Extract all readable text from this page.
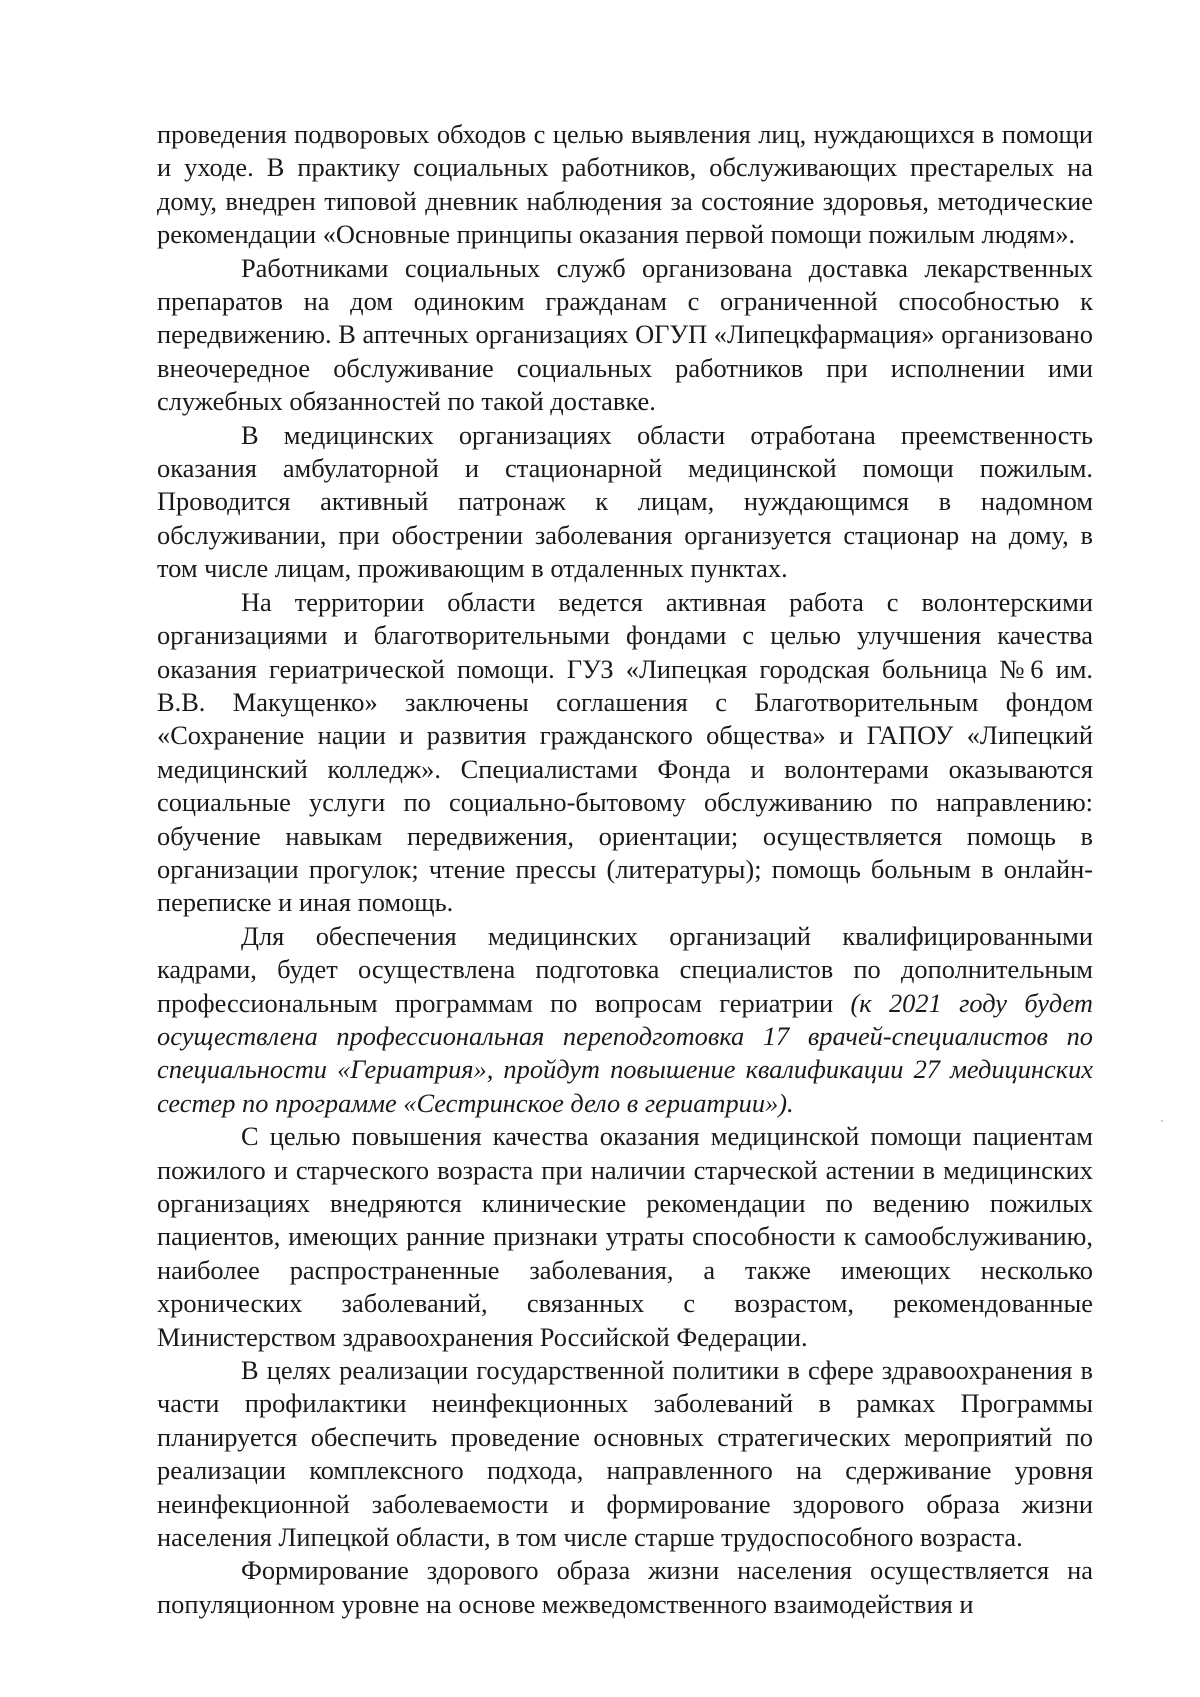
проведения подворовых обходов с целью выявления лиц, нуждающихся в помощи и уходе. В практику социальных работников, обслуживающих престарелых на дому, внедрен типовой дневник наблюдения за состояние здоровья, методические рекомендации «Основные принципы оказания первой помощи пожилым людям».

Работниками социальных служб организована доставка лекарственных препаратов на дом одиноким гражданам с ограниченной способностью к передвижению. В аптечных организациях ОГУП «Липецкфармация» организовано внеочередное обслуживание социальных работников при исполнении ими служебных обязанностей по такой доставке.

В медицинских организациях области отработана преемственность оказания амбулаторной и стационарной медицинской помощи пожилым. Проводится активный патронаж к лицам, нуждающимся в надомном обслуживании, при обострении заболевания организуется стационар на дому, в том числе лицам, проживающим в отдаленных пунктах.

На территории области ведется активная работа с волонтерскими организациями и благотворительными фондами с целью улучшения качества оказания гериатрической помощи. ГУЗ «Липецкая городская больница №6 им. В.В. Макущенко» заключены соглашения с Благотворительным фондом «Сохранение нации и развития гражданского общества» и ГАПОУ «Липецкий медицинский колледж». Специалистами Фонда и волонтерами оказываются социальные услуги по социально-бытовому обслуживанию по направлению: обучение навыкам передвижения, ориентации; осуществляется помощь в организации прогулок; чтение прессы (литературы); помощь больным в онлайн-переписке и иная помощь.

Для обеспечения медицинских организаций квалифицированными кадрами, будет осуществлена подготовка специалистов по дополнительным профессиональным программам по вопросам гериатрии (к 2021 году будет осуществлена профессиональная переподготовка 17 врачей-специалистов по специальности «Гериатрия», пройдут повышение квалификации 27 медицинских сестер по программе «Сестринское дело в гериатрии»).

С целью повышения качества оказания медицинской помощи пациентам пожилого и старческого возраста при наличии старческой астении в медицинских организациях внедряются клинические рекомендации по ведению пожилых пациентов, имеющих ранние признаки утраты способности к самообслуживанию, наиболее распространенные заболевания, а также имеющих несколько хронических заболеваний, связанных с возрастом, рекомендованные Министерством здравоохранения Российской Федерации.

В целях реализации государственной политики в сфере здравоохранения в части профилактики неинфекционных заболеваний в рамках Программы планируется обеспечить проведение основных стратегических мероприятий по реализации комплексного подхода, направленного на сдерживание уровня неинфекционной заболеваемости и формирование здорового образа жизни населения Липецкой области, в том числе старше трудоспособного возраста.

Формирование здорового образа жизни населения осуществляется на популяционном уровне на основе межведомственного взаимодействия и
